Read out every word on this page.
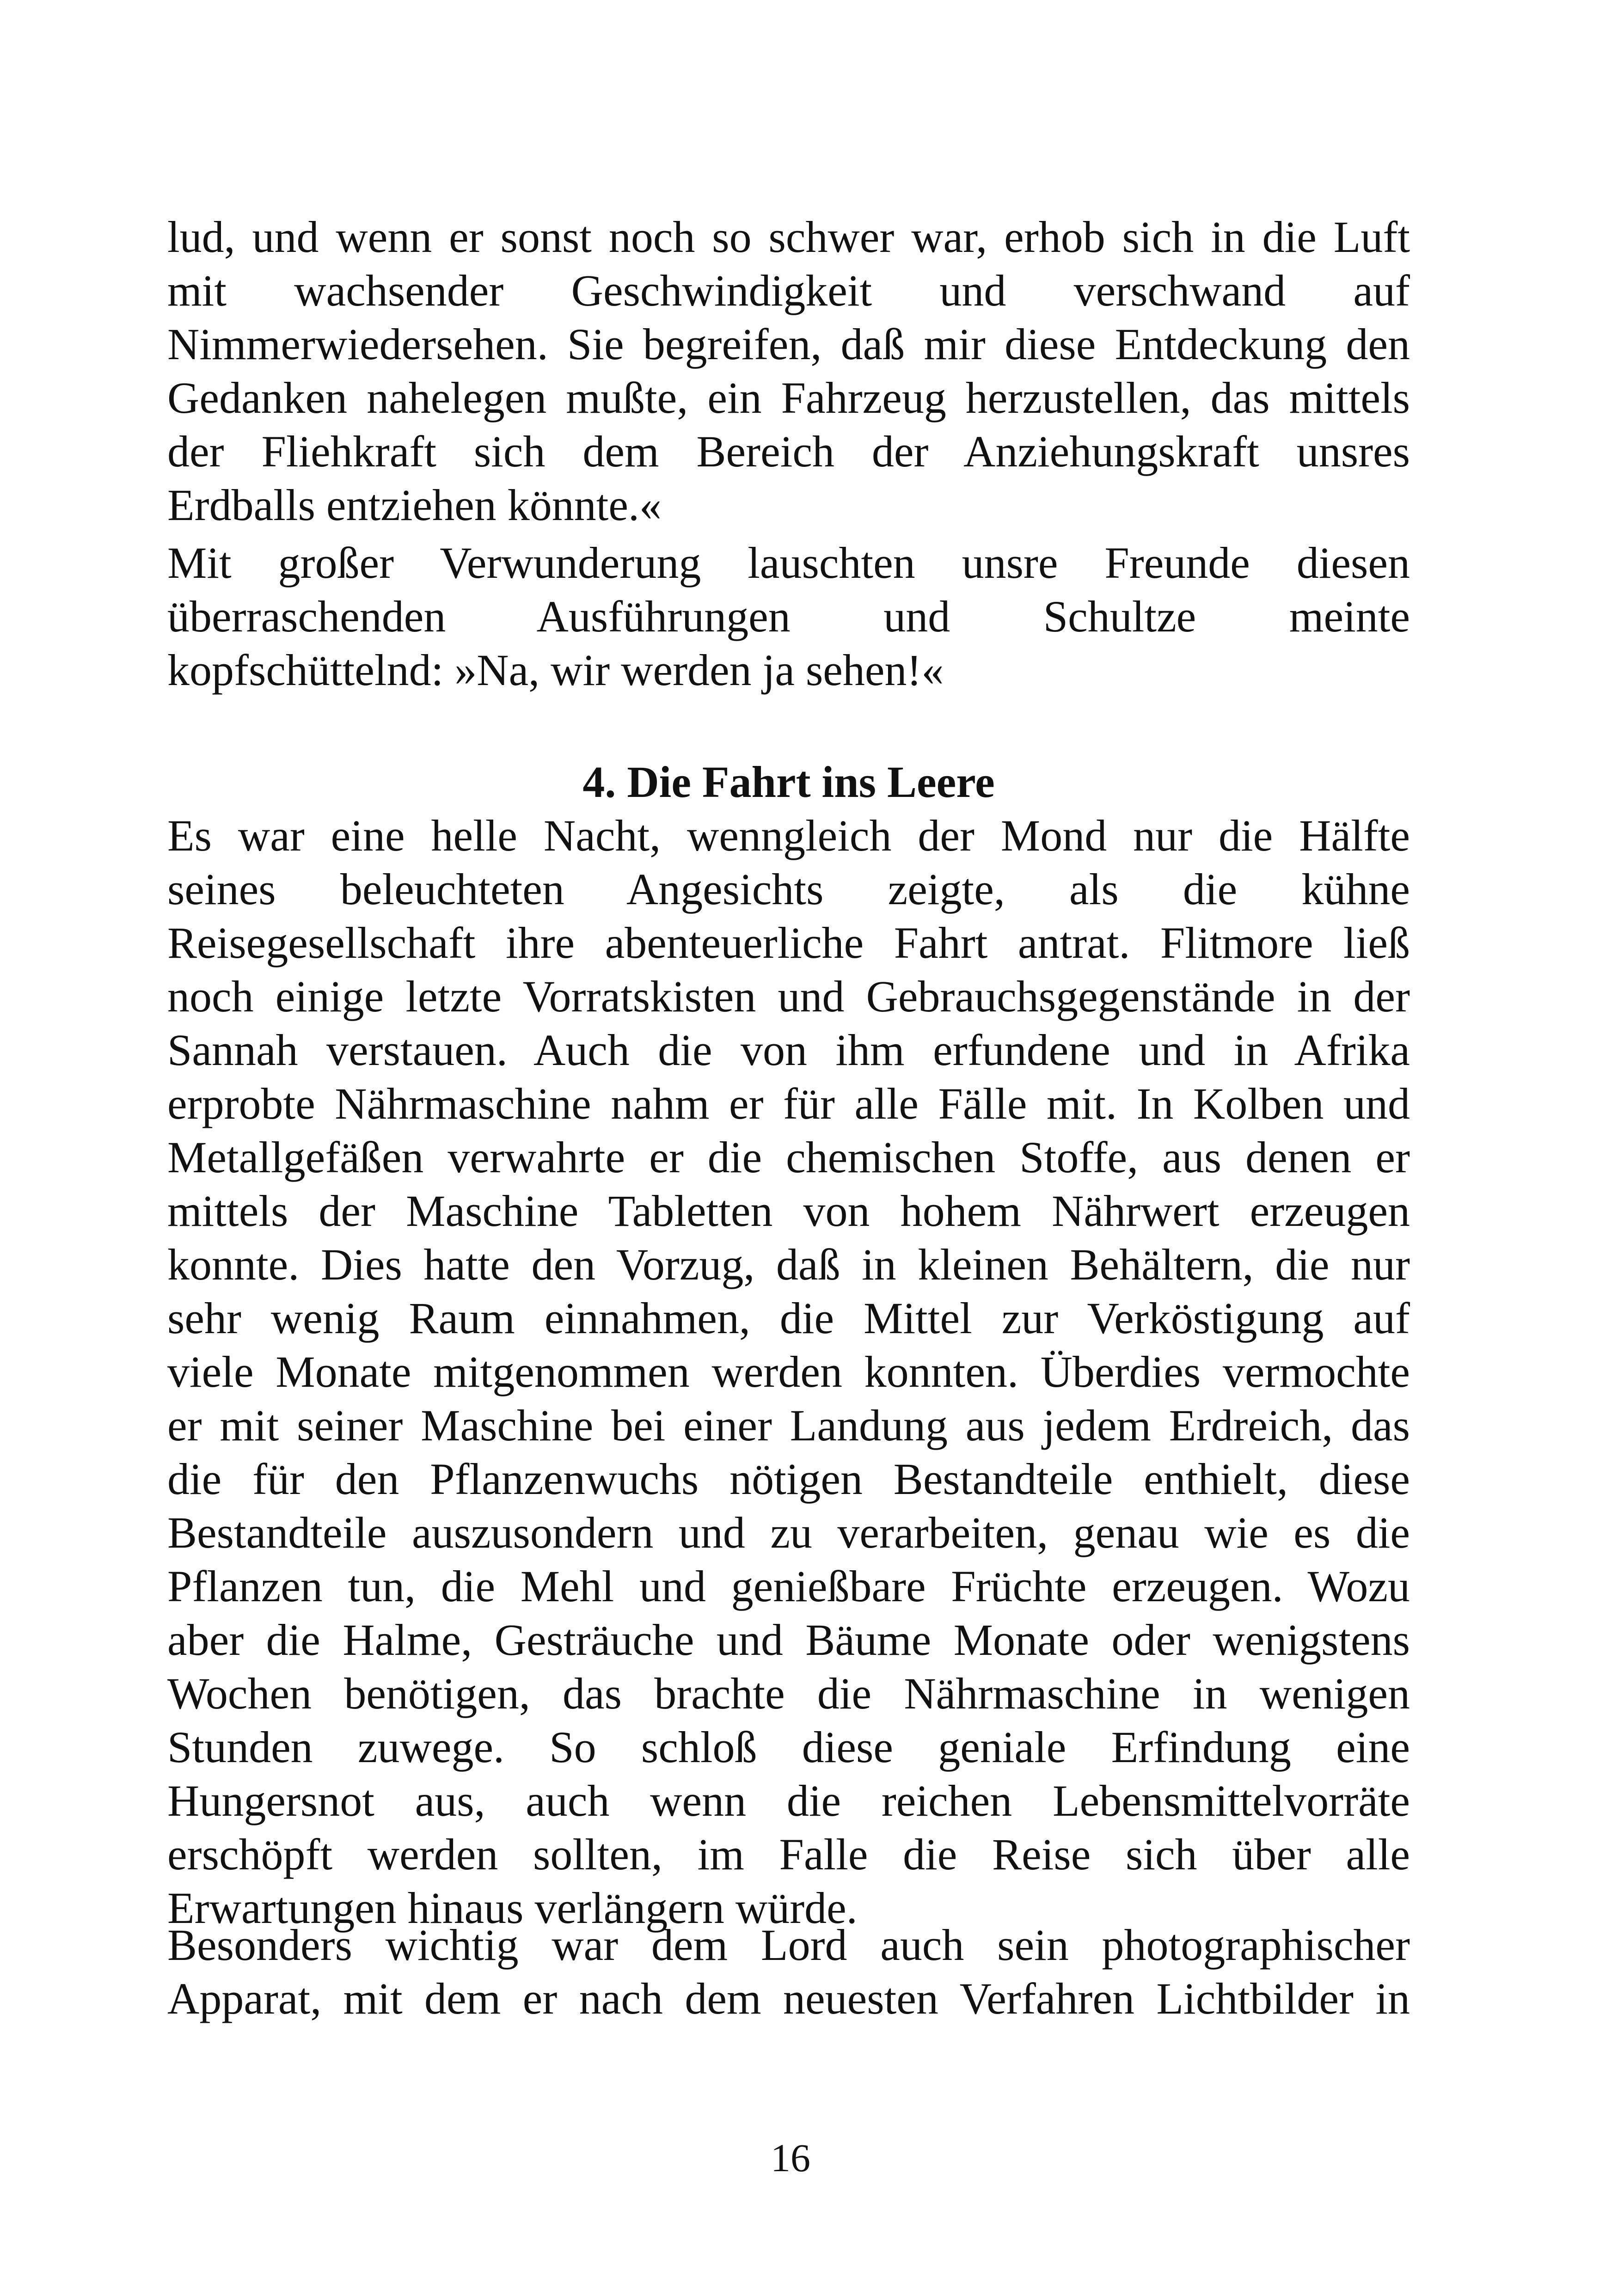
lud, und wenn er sonst noch so schwer war, erhob sich in die Luft
mit wachsender Geschwindigkeit und verschwand auf
Nimmerwiedersehen. Sie begreifen, daß mir diese Entdeckung den
Gedanken nahelegen mußte, ein Fahrzeug herzustellen, das mittels
der Fliehkraft sich dem Bereich der Anziehungskraft unsres
Erdballs entziehen könnte.«
Mit großer Verwunderung lauschten unsre Freunde diesen
überraschenden Ausführungen und Schultze meinte
kopfschüttelnd: »Na, wir werden ja sehen!«
4. Die Fahrt ins Leere
Es war eine helle Nacht, wenngleich der Mond nur die Hälfte
seines beleuchteten Angesichts zeigte, als die kühne
Reisegesellschaft ihre abenteuerliche Fahrt antrat. Flitmore ließ
noch einige letzte Vorratskisten und Gebrauchsgegenstände in der
Sannah verstauen. Auch die von ihm erfundene und in Afrika
erprobte Nährmaschine nahm er für alle Fälle mit. In Kolben und
Metallgefäßen verwahrte er die chemischen Stoffe, aus denen er
mittels der Maschine Tabletten von hohem Nährwert erzeugen
konnte. Dies hatte den Vorzug, daß in kleinen Behältern, die nur
sehr wenig Raum einnahmen, die Mittel zur Verköstigung auf
viele Monate mitgenommen werden konnten. Überdies vermochte
er mit seiner Maschine bei einer Landung aus jedem Erdreich, das
die für den Pflanzenwuchs nötigen Bestandteile enthielt, diese
Bestandteile auszusondern und zu verarbeiten, genau wie es die
Pflanzen tun, die Mehl und genießbare Früchte erzeugen. Wozu
aber die Halme, Gesträuche und Bäume Monate oder wenigstens
Wochen benötigen, das brachte die Nährmaschine in wenigen
Stunden zuwege. So schloß diese geniale Erfindung eine
Hungersnot aus, auch wenn die reichen Lebensmittelvorräte
erschöpft werden sollten, im Falle die Reise sich über alle
Erwartungen hinaus verlängern würde.
Besonders wichtig war dem Lord auch sein photographischer
Apparat, mit dem er nach dem neuesten Verfahren Lichtbilder in
16
